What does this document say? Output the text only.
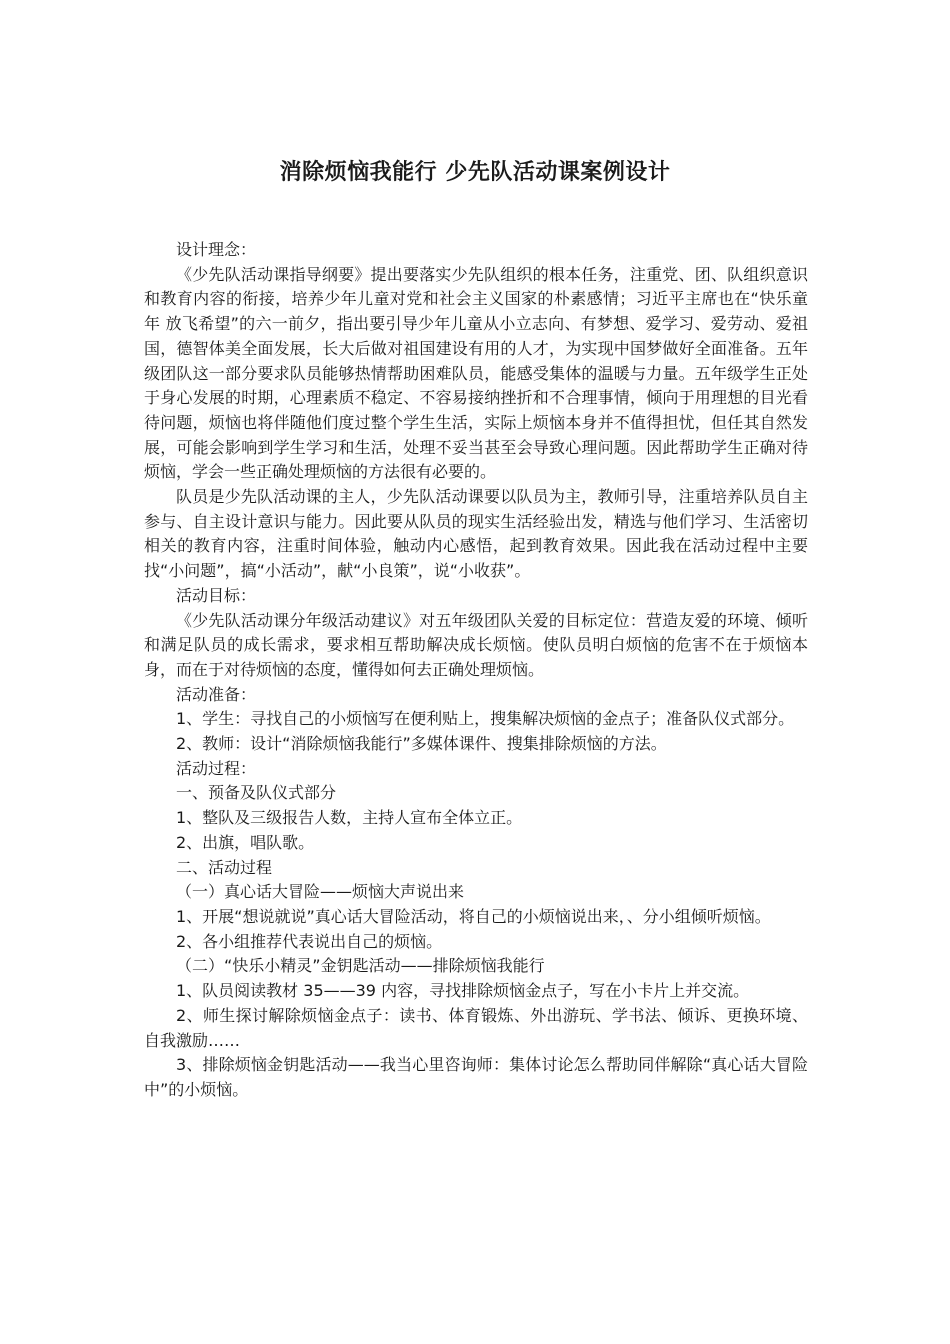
消除烦恼我能行 少先队活动课案例设计

设计理念：

《少先队活动课指导纲要》提出要落实少先队组织的根本任务，注重党、团、队组织意识和教育内容的衔接，培养少年儿童对党和社会主义国家的朴素感情；习近平主席也在“快乐童年 放飞希望”的六一前夕，指出要引导少年儿童从小立志向、有梦想、爱学习、爱劳动、爱祖国，德智体美全面发展，长大后做对祖国建设有用的人才，为实现中国梦做好全面准备。五年级团队这一部分要求队员能够热情帮助困难队员，能感受集体的温暖与力量。五年级学生正处于身心发展的时期，心理素质不稳定、不容易接纳挫折和不合理事情，倾向于用理想的目光看待问题，烦恼也将伴随他们度过整个学生生活，实际上烦恼本身并不值得担忧，但任其自然发展，可能会影响到学生学习和生活，处理不妥当甚至会导致心理问题。因此帮助学生正确对待烦恼，学会一些正确处理烦恼的方法很有必要的。

队员是少先队活动课的主人，少先队活动课要以队员为主，教师引导，注重培养队员自主参与、自主设计意识与能力。因此要从队员的现实生活经验出发，精选与他们学习、生活密切相关的教育内容，注重时间体验，触动内心感悟，起到教育效果。因此我在活动过程中主要找“小问题”，搞“小活动”，献“小良策”，说“小收获”。

活动目标：

《少先队活动课分年级活动建议》对五年级团队关爱的目标定位：营造友爱的环境、倾听和满足队员的成长需求，要求相互帮助解决成长烦恼。使队员明白烦恼的危害不在于烦恼本身，而在于对待烦恼的态度，懂得如何去正确处理烦恼。

活动准备：

1、学生：寻找自己的小烦恼写在便利贴上，搜集解决烦恼的金点子；准备队仪式部分。

2、教师：设计“消除烦恼我能行”多媒体课件、搜集排除烦恼的方法。

活动过程：

一、预备及队仪式部分

1、整队及三级报告人数，主持人宣布全体立正。

2、出旗，唱队歌。

二、活动过程

（一）真心话大冒险——烦恼大声说出来

1、开展“想说就说”真心话大冒险活动，将自己的小烦恼说出来，、分小组倾听烦恼。

2、各小组推荐代表说出自己的烦恼。

（二）“快乐小精灵”金钥匙活动——排除烦恼我能行

1、队员阅读教材 35——39 内容，寻找排除烦恼金点子，写在小卡片上并交流。

2、师生探讨解除烦恼金点子：读书、体育锻炼、外出游玩、学书法、倾诉、更换环境、自我激励……

3、排除烦恼金钥匙活动——我当心里咨询师：集体讨论怎么帮助同伴解除“真心话大冒险中”的小烦恼。
